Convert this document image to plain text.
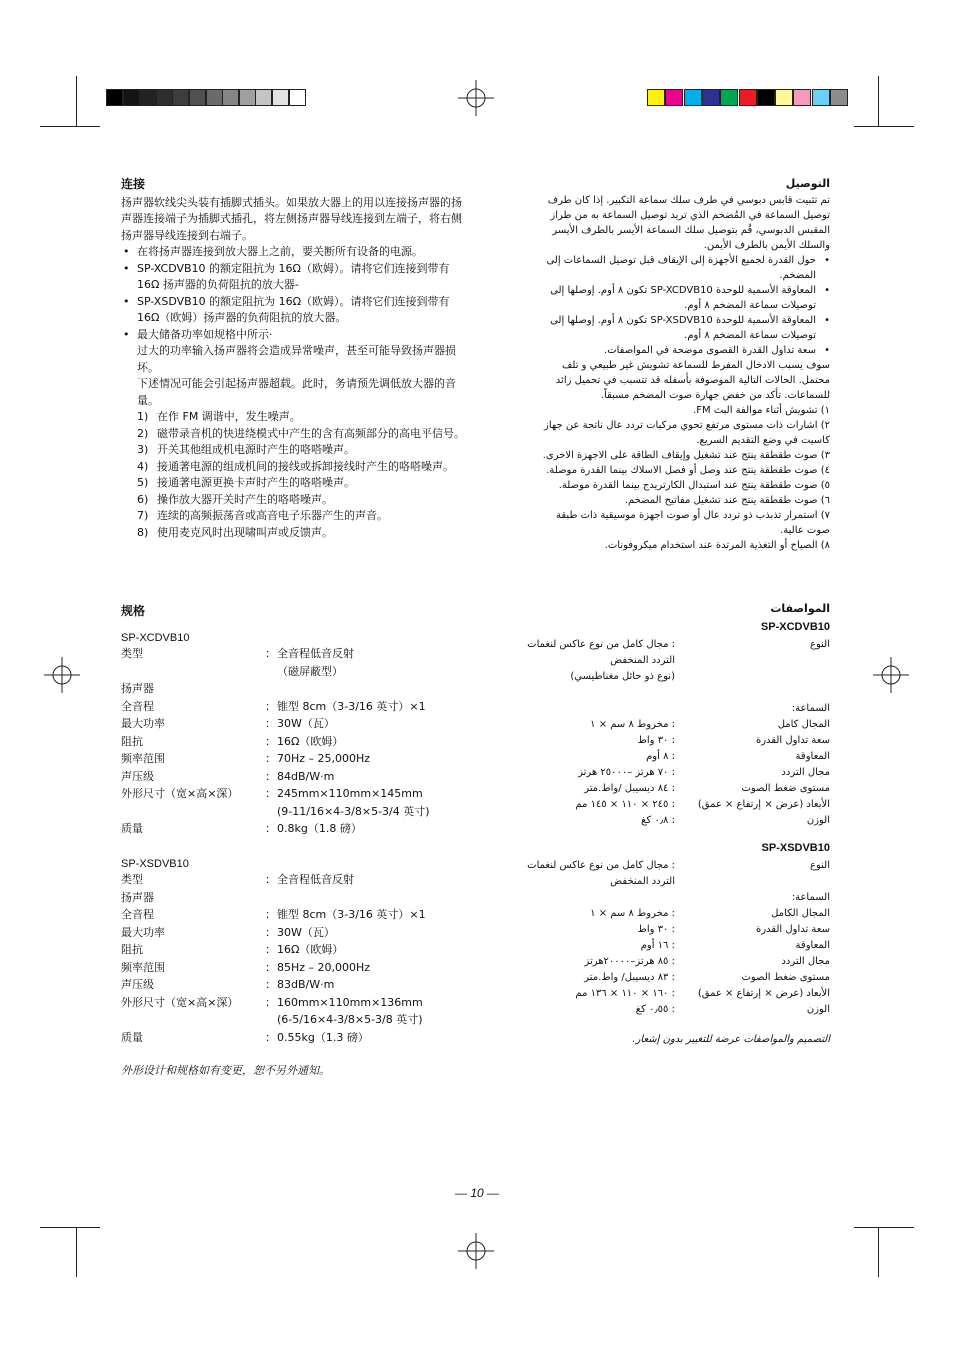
连接
扬声器软线尖头装有插脚式插头。如果放大器上的用以连接扬声器的扬声器连接端子为插脚式插孔，将左侧扬声器导线连接到左端子，将右侧扬声器导线连接到右端子。
• 在将扬声器连接到放大器上之前，要关断所有设备的电源。
• SP-XCDVB10 的额定阻抗为 16Ω（欧姆）。请将它们连接到带有 16Ω 扬声器的负荷阻抗的放大器-
• SP-XSDVB10 的额定阻抗为 16Ω（欧姆）。请将它们连接到带有 16Ω（欧姆）扬声器的负荷阻抗的放大器。
• 最大储备功率如规格中所示·
过大的功率输入扬声器将会造成异常噪声，甚至可能导致扬声器损坏。
下述情况可能会引起扬声器超载。此时，务请预先调低放大器的音量。
1) 在作 FM 调谐中，发生噪声。
2) 磁带录音机的快进绕模式中产生的含有高频部分的高电平信号。
3) 开关其他组成机电源时产生的咯嗒噪声。
4) 接通著电源的组成机间的接线或拆卸接线时产生的咯嗒噪声。
5) 接通著电源更换卡声时产生的咯嗒噪声。
6) 操作放大器开关时产生的咯嗒噪声。
7) 连续的高频振荡音或高音电子乐器产生的声音。
8) 使用麦克风时出现啸叫声或反馈声。
规格
SP-XCDVB10
类型	： 全音程低音反射
（磁屏蔽型）
扬声器
全音程	： 锥型 8cm（3-3/16 英寸）×1
最大功率	： 30W（瓦）
阻抗	： 16Ω（欧姆）
频率范围	： 70Hz – 25,000Hz
声压级	： 84dB/W·m
外形尺寸（宽×高×深） ： 245mm×110mm×145mm
(9-11/16×4-3/8×5-3/4 英寸)
质量	： 0.8kg（1.8 磅）
SP-XSDVB10
类型	： 全音程低音反射
扬声器
全音程	： 锥型 8cm（3-3/16 英寸）×1
最大功率	： 30W（瓦）
阻抗	： 16Ω（欧姆）
频率范围	： 85Hz – 20,000Hz
声压级	： 83dB/W·m
外形尺寸（宽×高×深） ： 160mm×110mm×136mm
(6-5/16×4-3/8×5-3/8 英寸)
质量	： 0.55kg（1.3 磅）
外形设计和规格如有变更，恕不另外通知。
التوصيل
تم تثبيت قابس دبوسي في طرف سلك سماعة التكبير. إذا كان طرف توصيل السماعة في المُضخم الذي تريد توصيل السماعة به من طراز المقبس الدبوسي، قُم بتوصيل سلك السماعة الأيسر بالطرف الأيسر والسلك الأيمن بالطرف الأيمن.
• حول القدرة لجميع الأجهزة إلى الإيقاف قبل توصيل السماعات إلى المضخم.
• المعاوقة الأسمية للوحدة SP-XCDVB10 تكون ٨ أوم. إوصلها إلى توصيلات سماعة المضخم ٨ أوم.
• المعاوقة الأسمية للوحدة SP-XSDVB10 تكون ٨ أوم. إوصلها إلى توصيلات سماعة المضخم ٨ أوم.
• سعة تداول القدرة القصوى موضحة في المواصفات.
سوف يسبب الادخال المفرط للسماعة تشويش غير طبيعي و تلف محتمل. الحالات التالية الموصوفة بأسفله قد تتسبب في تحميل زائد للسماعات. تأكد من خفض جهارة صوت المضخم مسبقاً.
١) تشويش أثناء موالفة البث FM.
٢) اشارات ذات مستوى مرتفع تحوي مركبات تردد عال ناتجة عن جهاز كاسيت في وضع التقديم السريع.
٣) صوت طقطقة ينتج عند تشغيل وإيقاف الطاقة على الاجهزة الاخرى.
٤) صوت طقطقة ينتج عند وصل أو فصل الاسلاك بينما القدرة موصلة.
٥) صوت طقطقة ينتج عند استبدال الكارتريدج بينما القدرة موصلة.
٦) صوت طقطقة ينتج عند تشغيل مفاتيح المضخم.
٧) استمرار تذبذب ذو تردد عال أو صوت اجهزة موسيقية ذات طبقة صوت عالية.
٨) الصياح أو التغذية المرتدة عند استخدام ميكروفونات.
المواصفات
SP-XCDVB10
النوع
: مجال كامل من نوع عاكس لنغمات
التردد المنخفض
(نوع ذو حائل مغناطيسي)
السماعة:
المجال كامل
: مخروط ٨ سم × ١
سعة تداول القدرة
: ٣٠ واط
المعاوقة
: ٨ أوم
مجال التردد
: ٧٠ هرتز –٢٥٠٠٠ هرتز
مستوى ضغط الصوت
: ٨٤ ديسيبل /واط.متر
الأبعاد (عرض × إرتفاع × عمق)
: ٢٤٥ × ١١٠ × ١٤٥ مم
الوزن
: ٠٫٨ كغ
SP-XSDVB10
النوع
: مجال كامل من نوع عاكس لنغمات
التردد المنخفض
السماعة:
المجال الكامل
: مخروط ٨ سم × ١
سعة تداول القدرة
: ٣٠ واط
المعاوقة
: ١٦ أوم
مجال التردد
: ٨٥ هرتز–٢٠٠٠٠هرتز
مستوى ضغط الصوت
: ٨٣ ديسيبل/ واط.متر
الأبعاد (عرض × إرتفاع × عمق)
: ١٦٠ × ١١٠ × ١٣٦ مم
الوزن
: ٠٫٥٥ كغ
التصميم والمواصفات عرضة للتغيير بدون إشعار.
— 10 —
